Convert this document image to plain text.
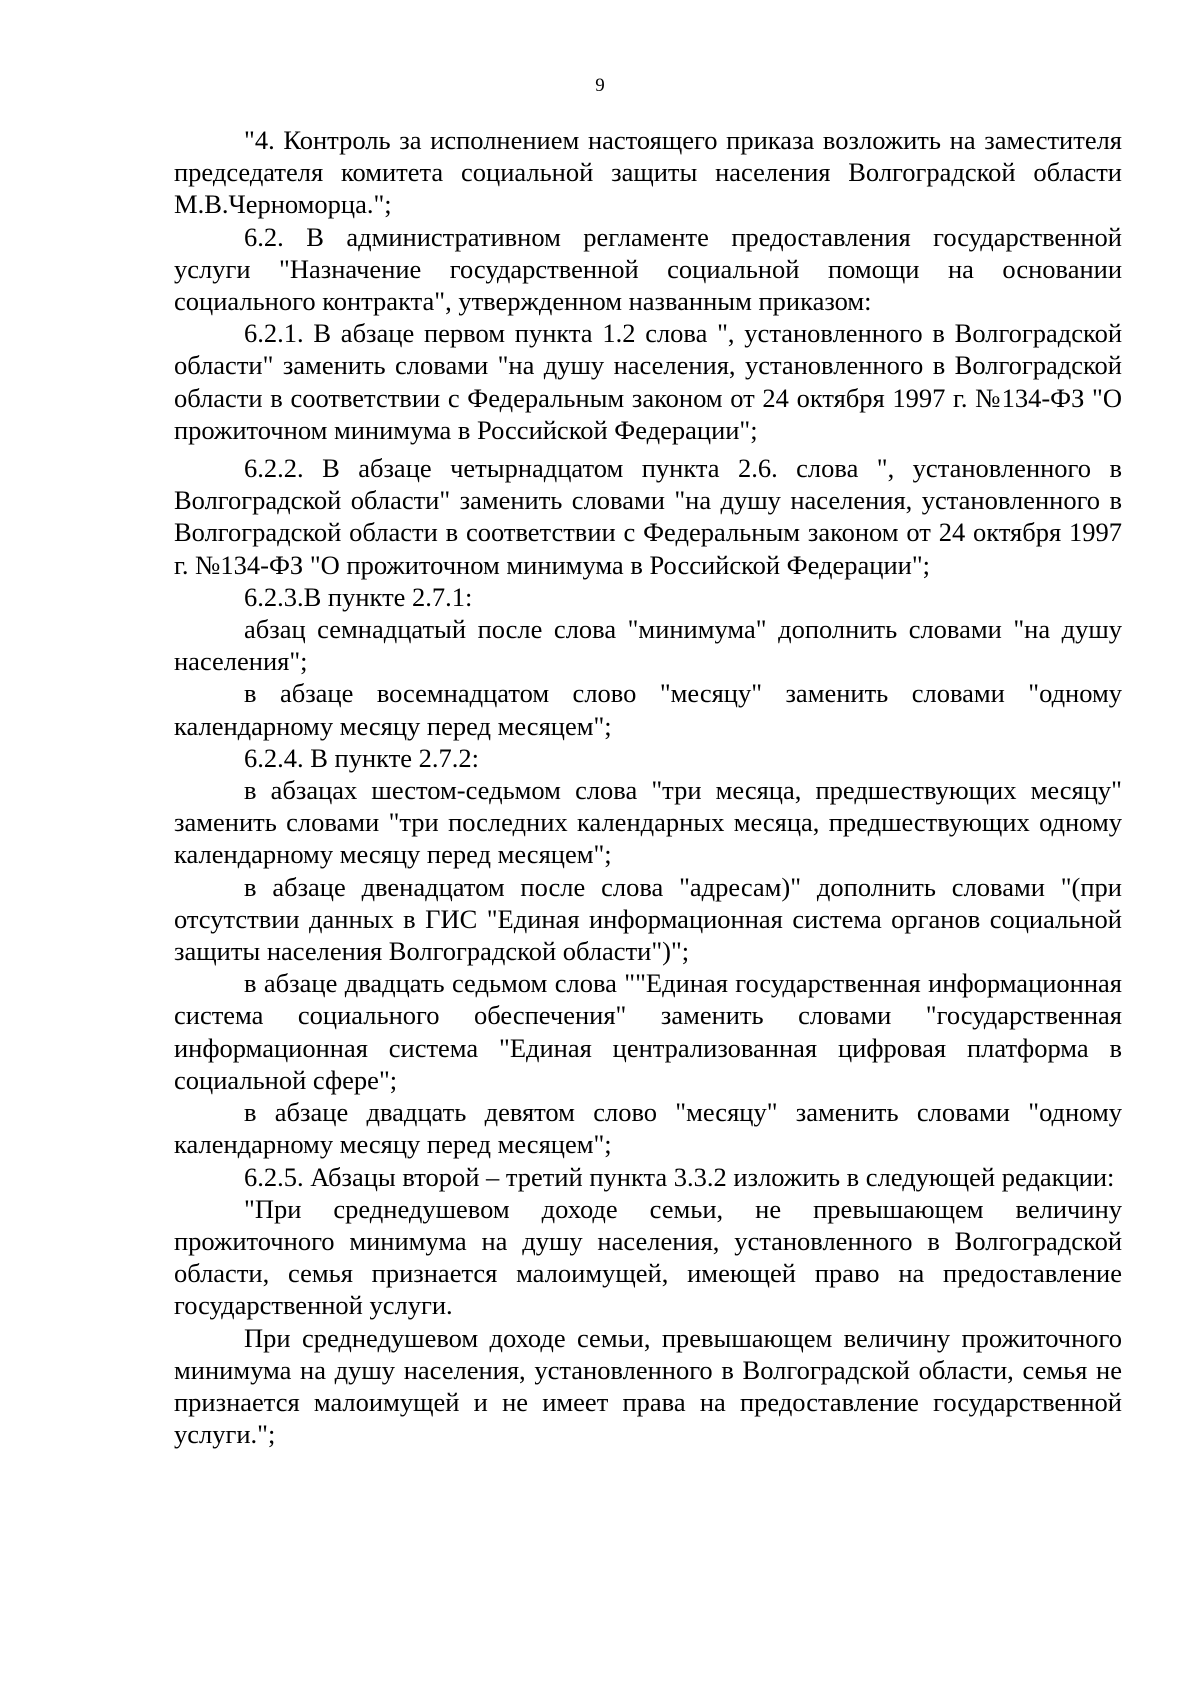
9

"4. Контроль за исполнением настоящего приказа возложить на заместителя председателя комитета социальной защиты населения Волгоградской области М.В.Черноморца.";

6.2. В административном регламенте предоставления государственной услуги "Назначение государственной социальной помощи на основании социального контракта", утвержденном названным приказом:

6.2.1. В абзаце первом пункта 1.2 слова ", установленного в Волгоградской области" заменить словами "на душу населения, установленного в Волгоградской области в соответствии с Федеральным законом от 24 октября 1997 г. №134-ФЗ "О прожиточном минимума в Российской Федерации";

6.2.2. В абзаце четырнадцатом пункта 2.6. слова ", установленного в Волгоградской области" заменить словами "на душу населения, установленного в Волгоградской области в соответствии с Федеральным законом от 24 октября 1997 г. №134-ФЗ "О прожиточном минимума в Российской Федерации";

6.2.3.В пункте 2.7.1:

абзац семнадцатый после слова "минимума" дополнить словами "на душу населения";

в абзаце восемнадцатом слово "месяцу" заменить словами "одному календарному месяцу перед месяцем";

6.2.4. В пункте 2.7.2:

в абзацах шестом-седьмом слова "три месяца, предшествующих месяцу" заменить словами "три последних календарных месяца, предшествующих одному календарному месяцу перед месяцем";

в абзаце двенадцатом после слова "адресам)" дополнить словами "(при отсутствии данных в ГИС "Единая информационная система органов социальной защиты населения Волгоградской области")";

в абзаце двадцать седьмом слова ""Единая государственная информационная система социального обеспечения" заменить словами "государственная информационная система "Единая централизованная цифровая платформа в социальной сфере";

в абзаце двадцать девятом слово "месяцу" заменить словами "одному календарному месяцу перед месяцем";

6.2.5. Абзацы второй – третий пункта 3.3.2 изложить в следующей редакции:

"При среднедушевом доходе семьи, не превышающем величину прожиточного минимума на душу населения, установленного в Волгоградской области, семья признается малоимущей, имеющей право на предоставление государственной услуги.

При среднедушевом доходе семьи, превышающем величину прожиточного минимума на душу населения, установленного в Волгоградской области, семья не признается малоимущей и не имеет права на предоставление государственной услуги.";
